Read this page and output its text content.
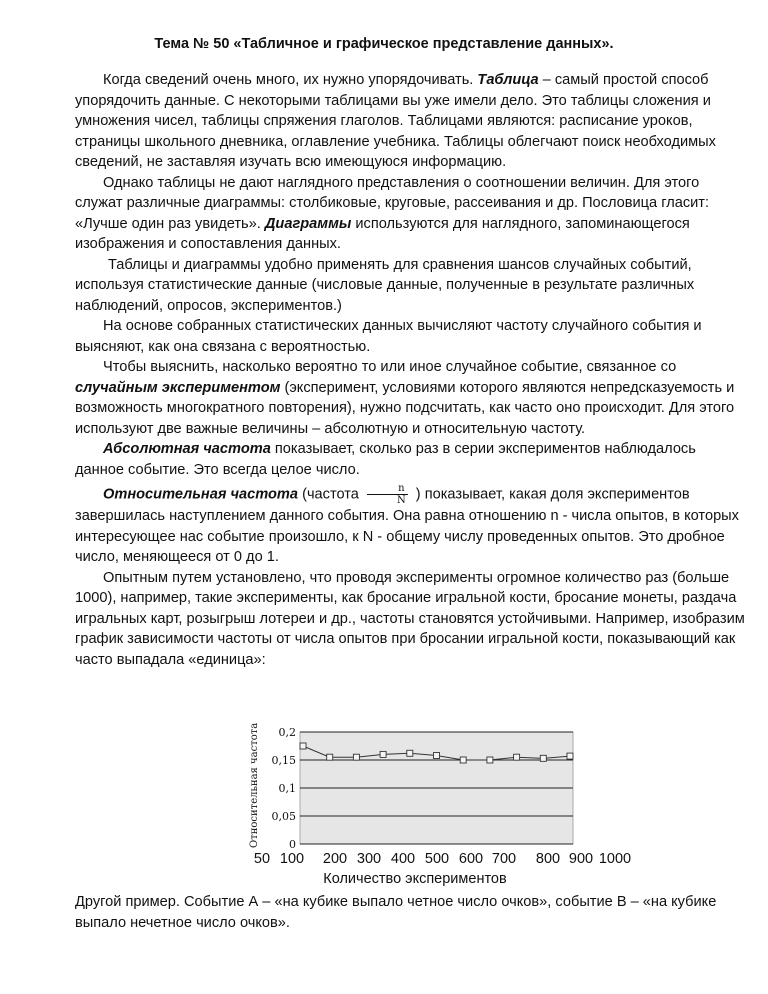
Тема № 50 «Табличное и графическое представление данных».

Когда сведений очень много, их нужно упорядочивать. Таблица – самый простой способ упорядочить данные. С некоторыми таблицами вы уже имели дело. Это таблицы сложения и умножения чисел, таблицы спряжения глаголов. Таблицами являются: расписание уроков, страницы школьного дневника, оглавление учебника. Таблицы облегчают поиск необходимых сведений, не заставляя изучать всю имеющуюся информацию.

Однако таблицы не дают наглядного представления о соотношении величин. Для этого служат различные диаграммы: столбиковые, круговые, рассеивания и др. Пословица гласит: «Лучше один раз увидеть». Диаграммы используются для наглядного, запоминающегося изображения и сопоставления данных.

Таблицы и диаграммы удобно применять для сравнения шансов случайных событий, используя статистические данные (числовые данные, полученные в результате различных наблюдений, опросов, экспериментов.)

На основе собранных статистических данных вычисляют частоту случайного события и выясняют, как она связана с вероятностью.

Чтобы выяснить, насколько вероятно то или иное случайное событие, связанное со случайным экспериментом (эксперимент, условиями которого являются непредсказуемость и возможность многократного повторения), нужно подсчитать, как часто оно происходит. Для этого используют две важные величины – абсолютную и относительную частоту.

Абсолютная частота показывает, сколько раз в серии экспериментов наблюдалось данное событие. Это всегда целое число.

Относительная частота (частота $\frac{n}{N}$ ) показывает, какая доля экспериментов

завершилась наступлением данного события. Она равна отношению n - числа опытов, в которых интересующее нас событие произошло, к N - общему числу проведенных опытов. Это дробное число, меняющееся от 0 до 1.

Опытным путем установлено, что проводя эксперименты огромное количество раз (больше 1000), например, такие эксперименты, как бросание игральной кости, бросание монеты, раздача игральных карт, розыгрыш лотереи и др., частоты становятся устойчивыми. Например, изобразим график зависимости частоты от числа опытов при бросании игральной кости, показывающий как часто выпадала «единица»:

0
0,05
0,1
0,15
0,2
Относительная частота
50 100 200 300 400 500 600 700 800 900 1000
Количество экспериментов
Другой пример. Событие А – «на кубике выпало четное число очков», событие В – «на кубике выпало нечетное число очков».
